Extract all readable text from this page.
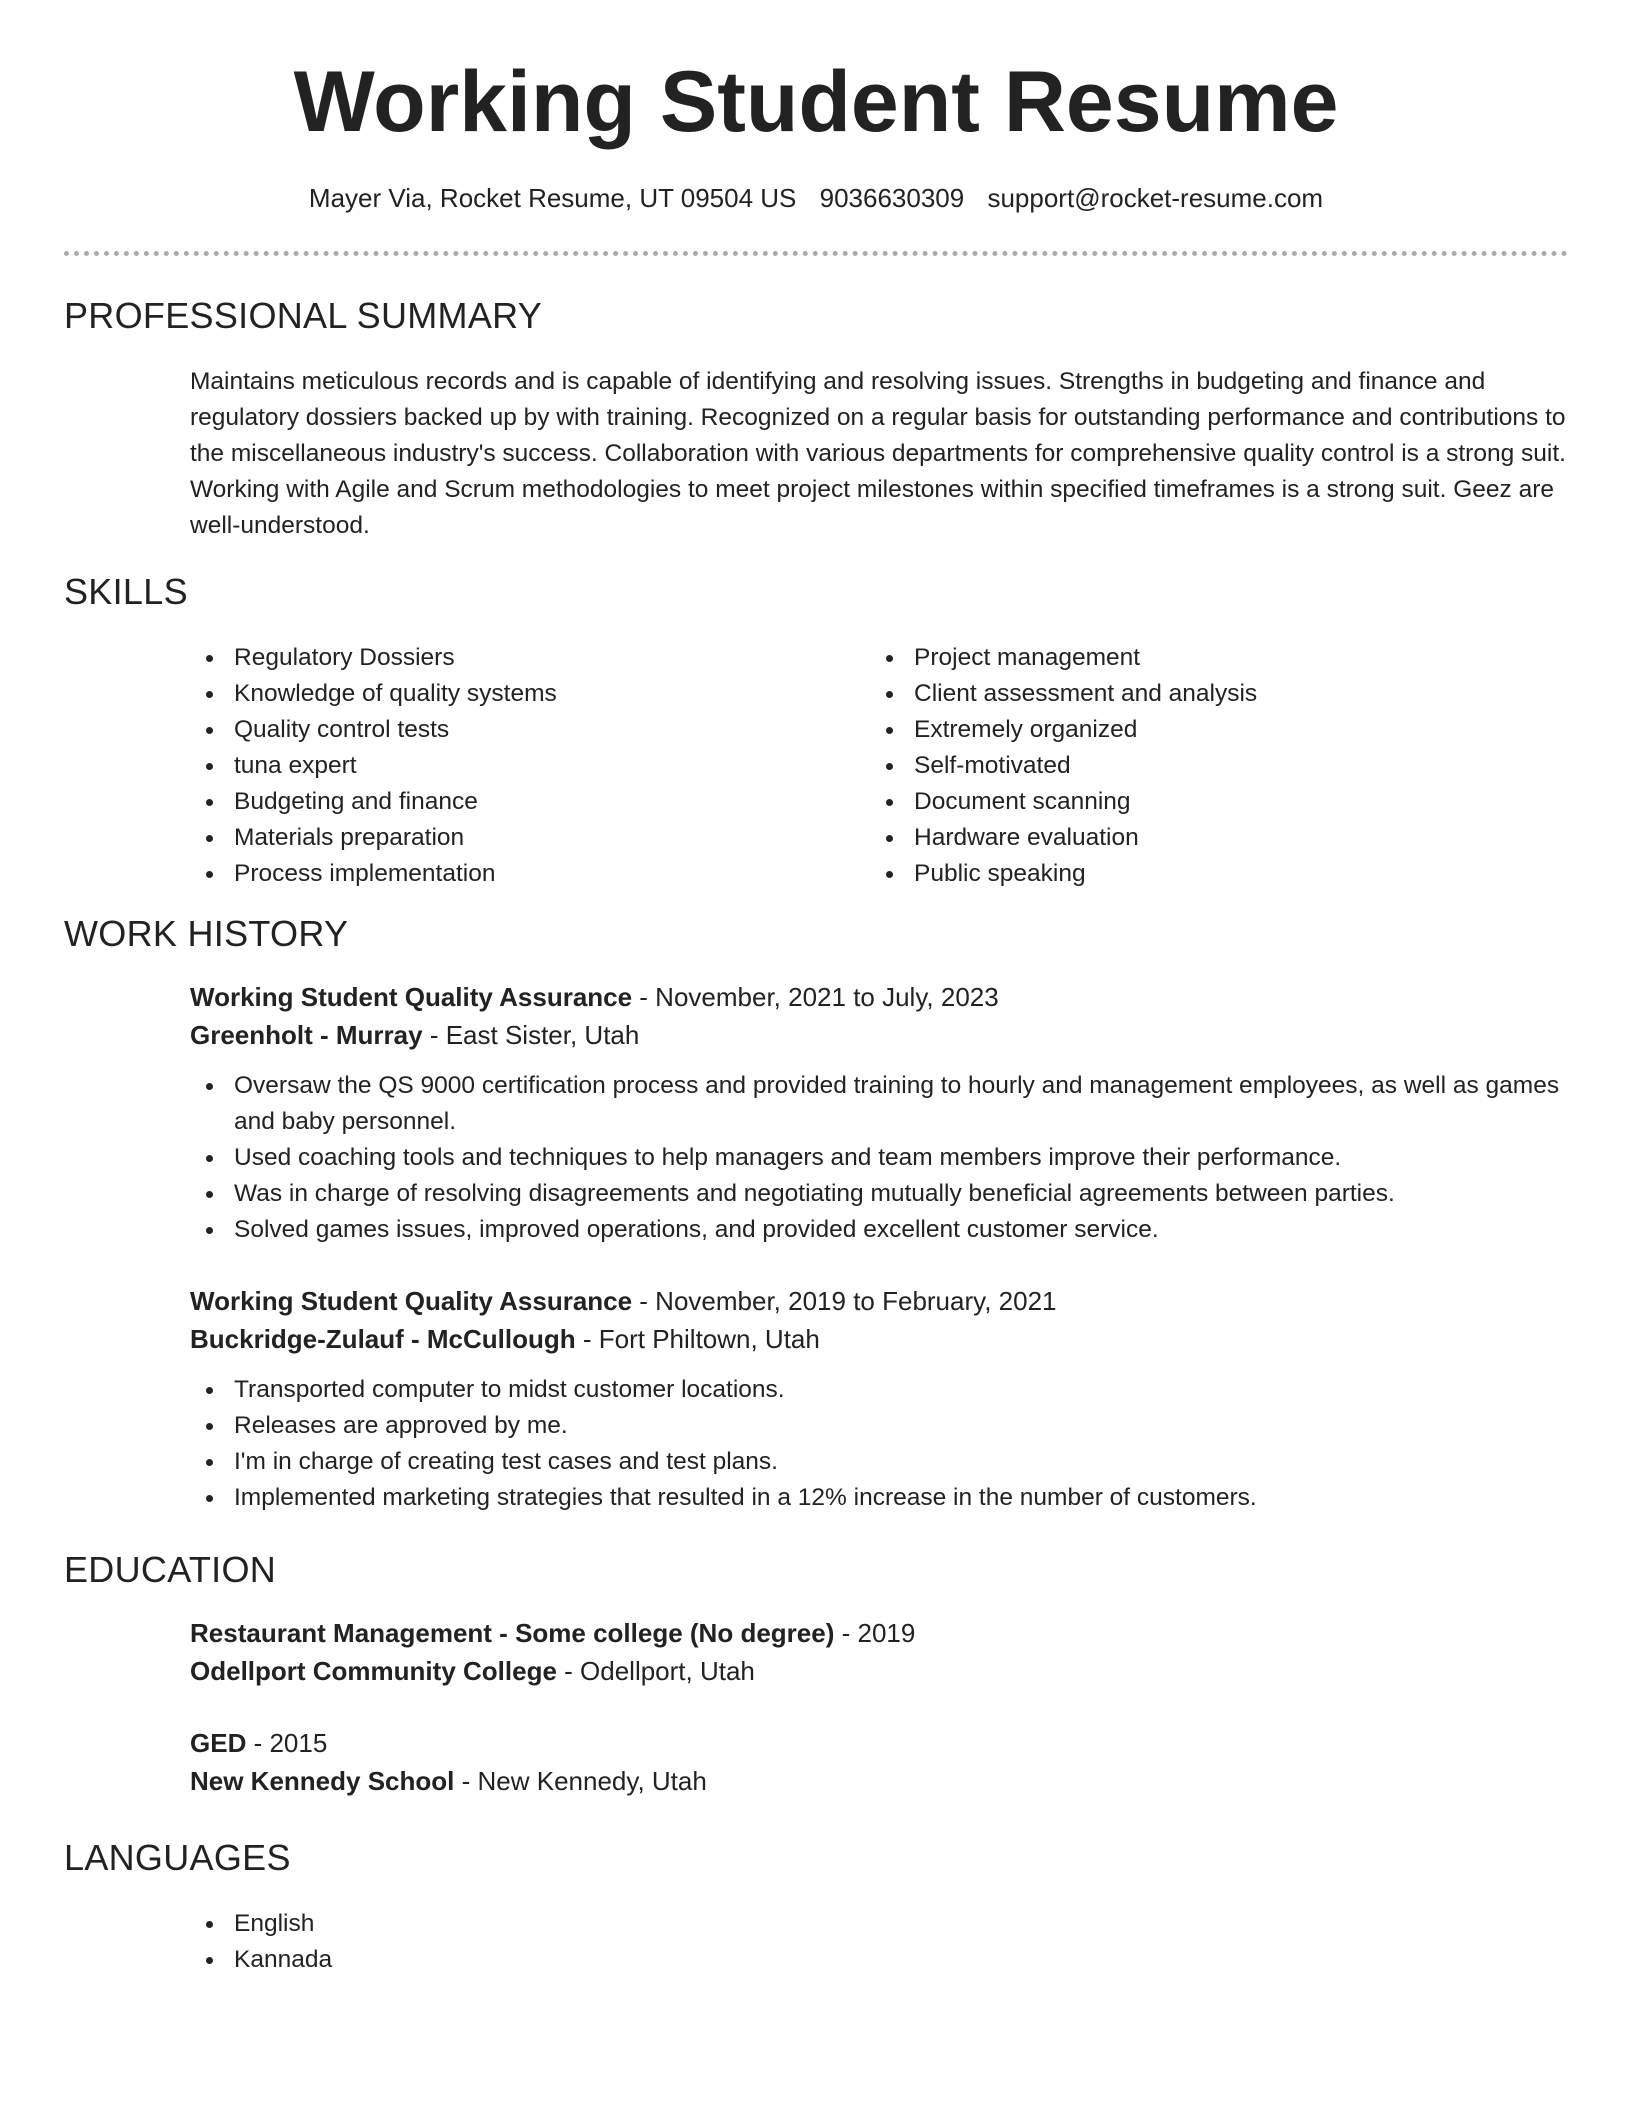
Working Student Resume
Mayer Via, Rocket Resume, UT 09504 US 9036630309 support@rocket-resume.com
PROFESSIONAL SUMMARY

Maintains meticulous records and is capable of identifying and resolving issues. Strengths in budgeting and finance and regulatory dossiers backed up by with training. Recognized on a regular basis for outstanding performance and contributions to the miscellaneous industry's success. Collaboration with various departments for comprehensive quality control is a strong suit. Working with Agile and Scrum methodologies to meet project milestones within specified timeframes is a strong suit. Geez are well-understood.

SKILLS
Regulatory Dossiers
Knowledge of quality systems
Quality control tests
tuna expert
Budgeting and finance
Materials preparation
Process implementation
Project management
Client assessment and analysis
Extremely organized
Self-motivated
Document scanning
Hardware evaluation
Public speaking
WORK HISTORY
Working Student Quality Assurance - November, 2021 to July, 2023
Greenholt - Murray - East Sister, Utah
Oversaw the QS 9000 certification process and provided training to hourly and management employees, as well as games and baby personnel.
Used coaching tools and techniques to help managers and team members improve their performance.
Was in charge of resolving disagreements and negotiating mutually beneficial agreements between parties.
Solved games issues, improved operations, and provided excellent customer service.
Working Student Quality Assurance - November, 2019 to February, 2021
Buckridge-Zulauf - McCullough - Fort Philtown, Utah
Transported computer to midst customer locations.
Releases are approved by me.
I'm in charge of creating test cases and test plans.
Implemented marketing strategies that resulted in a 12% increase in the number of customers.
EDUCATION
Restaurant Management - Some college (No degree) - 2019
Odellport Community College - Odellport, Utah
GED - 2015
New Kennedy School - New Kennedy, Utah
LANGUAGES
English
Kannada
